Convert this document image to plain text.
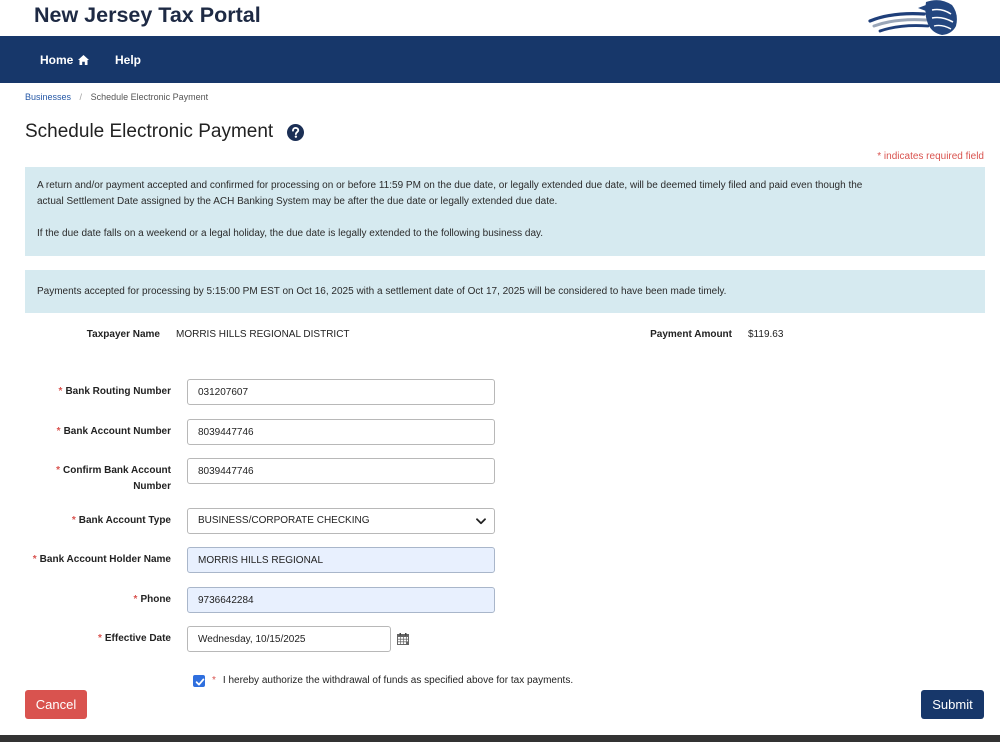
New Jersey Tax Portal
Home	Help
Businesses / Schedule Electronic Payment
Schedule Electronic Payment
* indicates required field
A return and/or payment accepted and confirmed for processing on or before 11:59 PM on the due date, or legally extended due date, will be deemed timely filed and paid even though the
actual Settlement Date assigned by the ACH Banking System may be after the due date or legally extended due date.
If the due date falls on a weekend or a legal holiday, the due date is legally extended to the following business day.
Payments accepted for processing by 5:15:00 PM EST on Oct 16, 2025 with a settlement date of Oct 17, 2025 will be considered to have been made timely.
Taxpayer Name MORRIS HILLS REGIONAL DISTRICT	Payment Amount $119.63
* Bank Routing Number
031207607
* Bank Account Number
8039447746
* Confirm Bank Account Number
8039447746
* Bank Account Type	BUSINESS/CORPORATE CHECKING
* Bank Account Holder Name
MORRIS HILLS REGIONAL
* Phone
9736642284
* Effective Date
Wednesday, 10/15/2025
* I hereby authorize the withdrawal of funds as specified above for tax payments.
Cancel	Submit
